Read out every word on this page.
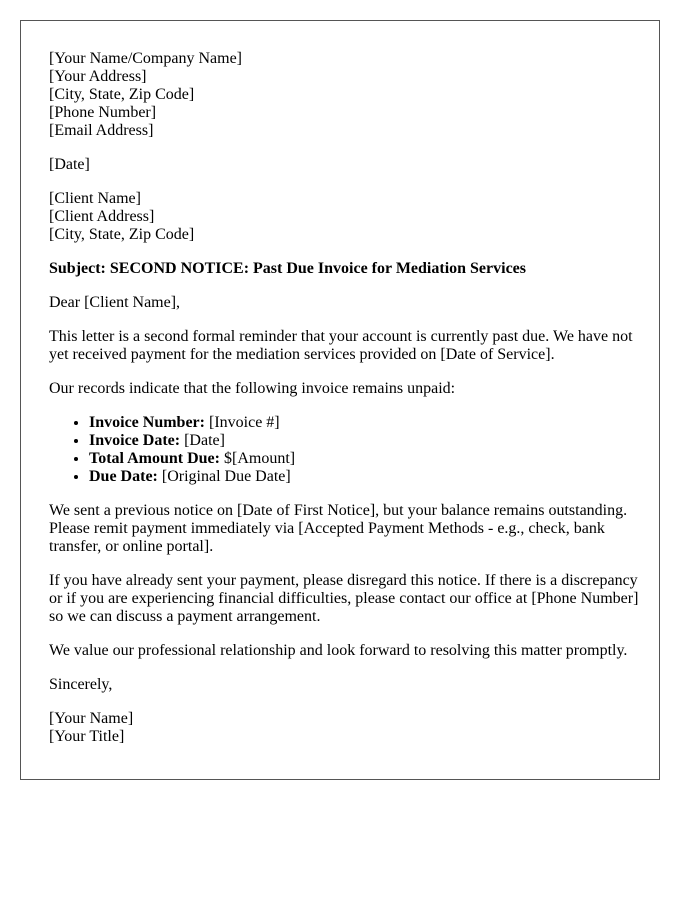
[Your Name/Company Name]
[Your Address]
[City, State, Zip Code]
[Phone Number]
[Email Address]
[Date]
[Client Name]
[Client Address]
[City, State, Zip Code]
Subject: SECOND NOTICE: Past Due Invoice for Mediation Services

Dear [Client Name],

This letter is a second formal reminder that your account is currently past due. We have not yet received payment for the mediation services provided on [Date of Service].

Our records indicate that the following invoice remains unpaid:

• Invoice Number: [Invoice #]
• Invoice Date: [Date]
• Total Amount Due: $[Amount]
• Due Date: [Original Due Date]

We sent a previous notice on [Date of First Notice], but your balance remains outstanding. Please remit payment immediately via [Accepted Payment Methods - e.g., check, bank transfer, or online portal].

If you have already sent your payment, please disregard this notice. If there is a discrepancy or if you are experiencing financial difficulties, please contact our office at [Phone Number] so we can discuss a payment arrangement.

We value our professional relationship and look forward to resolving this matter promptly.

Sincerely,

[Your Name]
[Your Title]
